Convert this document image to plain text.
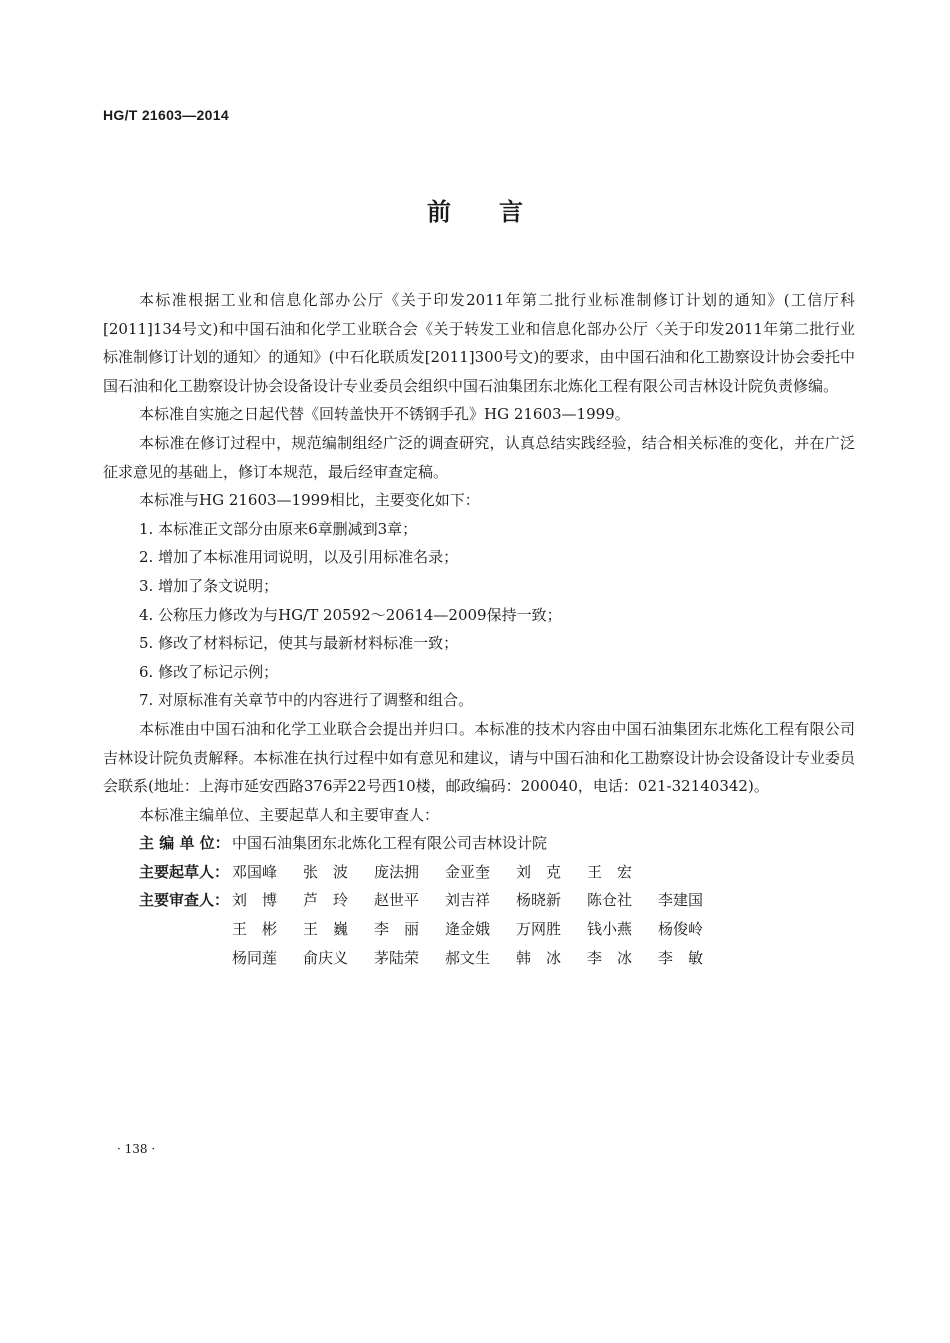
HG/T 21603—2014
前 言

本标准根据工业和信息化部办公厅《关于印发2011年第二批行业标准制修订计划的通知》(工信厅科[2011]134号文)和中国石油和化学工业联合会《关于转发工业和信息化部办公厅〈关于印发2011年第二批行业标准制修订计划的通知〉的通知》(中石化联质发[2011]300号文)的要求，由中国石油和化工勘察设计协会委托中国石油和化工勘察设计协会设备设计专业委员会组织中国石油集团东北炼化工程有限公司吉林设计院负责修编。

本标准自实施之日起代替《回转盖快开不锈钢手孔》HG 21603—1999。

本标准在修订过程中，规范编制组经广泛的调查研究，认真总结实践经验，结合相关标准的变化，并在广泛征求意见的基础上，修订本规范，最后经审查定稿。

本标准与HG 21603—1999相比，主要变化如下：

1. 本标准正文部分由原来6章删减到3章；

2. 增加了本标准用词说明，以及引用标准名录；

3. 增加了条文说明；

4. 公称压力修改为与HG/T 20592～20614—2009保持一致；

5. 修改了材料标记，使其与最新材料标准一致；

6. 修改了标记示例；

7. 对原标准有关章节中的内容进行了调整和组合。

本标准由中国石油和化学工业联合会提出并归口。本标准的技术内容由中国石油集团东北炼化工程有限公司吉林设计院负责解释。本标准在执行过程中如有意见和建议，请与中国石油和化工勘察设计协会设备设计专业委员会联系(地址：上海市延安西路376弄22号西10楼，邮政编码：200040，电话：021-32140342)。

本标准主编单位、主要起草人和主要审查人：

主 编 单 位： 中国石油集团东北炼化工程有限公司吉林设计院
主要起草人： 邓国峰	张　波	庞法拥	金亚奎	刘　克	王　宏
主要审查人： 刘　博	芦　玲	赵世平	刘吉祥	杨晓新	陈仓社	李建国
王　彬	王　巍	李　丽	逄金娥	万网胜	钱小燕	杨俊岭
杨同莲	俞庆义	茅陆荣	郝文生	韩　冰	李　冰	李　敏
· 138 ·
